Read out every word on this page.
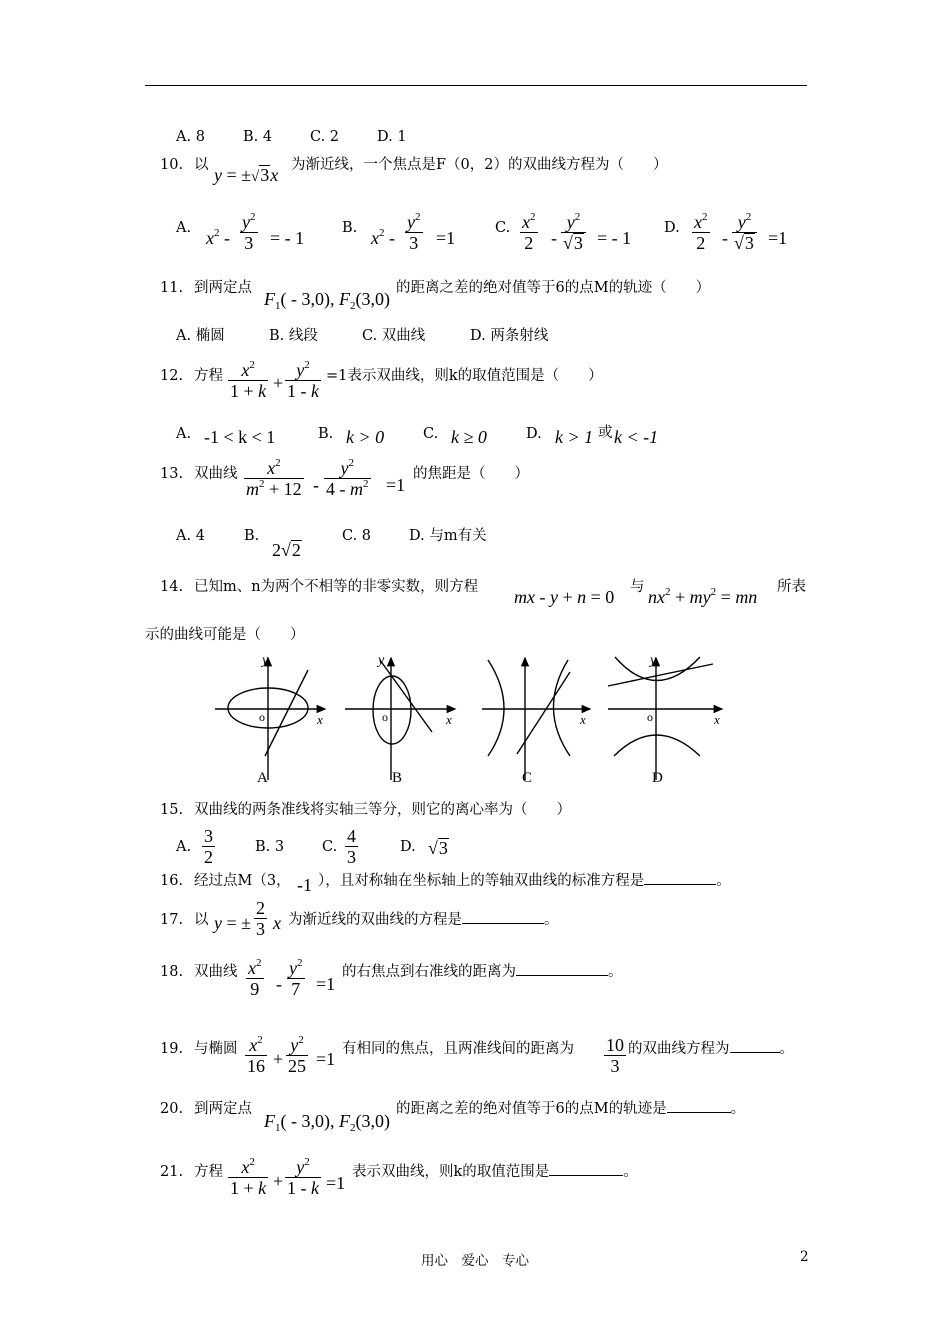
A. 8	B. 4	C. 2	D. 1
10. 以 y = ±√3x 为渐近线，一个焦点是F（0，2）的双曲线方程为（　　）
A. $x^2$ -
$y^2$
3 = - 1	B. $x^2$ -
$y^2$
3 =1	C. $x^2$
2 -
$y^2$
√3 = - 1 D. $x^2$
2 -
$y^2$
√3 =1
11. 到两定点
$F_1( - 3,0)$, $F_2(3,0)$
的距离之差的绝对值等于6的点M的轨迹（　　）
A. 椭圆	B. 线段	C. 双曲线	D. 两条射线
12. 方程 $x^2$
1 + k +
$y^2$
1 - k
=1表示双曲线，则k的取值范围是（　　）
A. -1 < k < 1	B. k > 0	C. k ≥ 0	D. k > 1 或 k < -1
13. 双曲线 $x^2$
$m^2 + 12$ -
$y^2$
$4 - m^2 =1$
的焦距是（　　）
A. 4	B.
2√2
C. 8	D. 与m有关
14. 已知m、n为两个不相等的非零实数，则方程 mx - y + n = 0 与 $nx^2 + my^2$ = mn 所表
示的曲线可能是（　　）
y
x
o
A
y
x
o
B
x
C
y
x
o
D
15. 双曲线的两条准线将实轴三等分，则它的离心率为（　　）
A.
3
2	B. 3	C.
4
3	D. √3
16. 经过点M（3， -1 ），且对称轴在坐标轴上的等轴双曲线的标准方程是	。
17. 以 y = ±
2
3 x 为渐近线的双曲线的方程是	。
18. 双曲线 $x^2$
9 -
$y^2$
7 =1
的右焦点到右准线的距离为	。
19. 与椭圆 $x^2$
16 +
$y^2$
25 =1 有相同的焦点，且两准线间的距离为 10
3
的双曲线方程为	。
20. 到两定点
$F_1( - 3,0)$, $F_2(3,0)$
的距离之差的绝对值等于6的点M的轨迹是	。
21. 方程 $x^2$
1 + k +
$y^2$
1 - k =1
表示双曲线，则k的取值范围是	。
用心　爱心　专心	2
